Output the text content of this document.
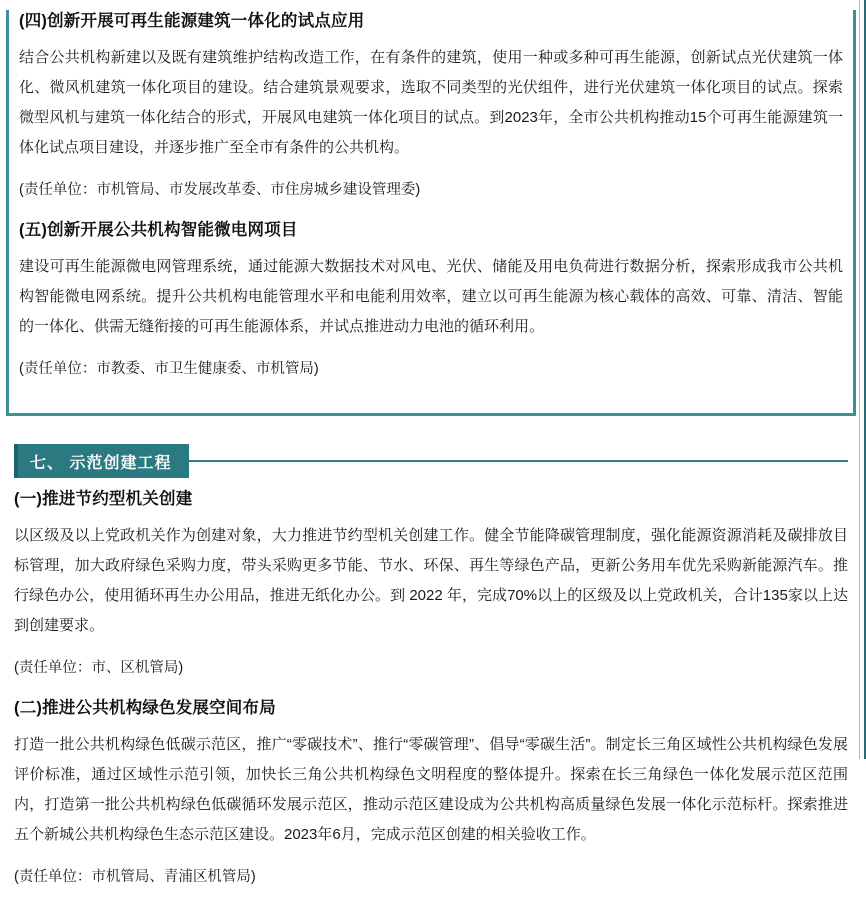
(四)创新开展可再生能源建筑一体化的试点应用

结合公共机构新建以及既有建筑维护结构改造工作，在有条件的建筑，使用一种或多种可再生能源，创新试点光伏建筑一体化、微风机建筑一体化项目的建设。结合建筑景观要求，选取不同类型的光伏组件，进行光伏建筑一体化项目的试点。探索微型风机与建筑一体化结合的形式，开展风电建筑一体化项目的试点。到2023年，全市公共机构推动15个可再生能源建筑一体化试点项目建设，并逐步推广至全市有条件的公共机构。

(责任单位：市机管局、市发展改革委、市住房城乡建设管理委)

(五)创新开展公共机构智能微电网项目

建设可再生能源微电网管理系统，通过能源大数据技术对风电、光伏、储能及用电负荷进行数据分析，探索形成我市公共机构智能微电网系统。提升公共机构电能管理水平和电能利用效率，建立以可再生能源为核心载体的高效、可靠、清洁、智能的一体化、供需无缝衔接的可再生能源体系，并试点推进动力电池的循环利用。

(责任单位：市教委、市卫生健康委、市机管局)

七、 示范创建工程
(一)推进节约型机关创建

以区级及以上党政机关作为创建对象，大力推进节约型机关创建工作。健全节能降碳管理制度，强化能源资源消耗及碳排放目标管理，加大政府绿色采购力度，带头采购更多节能、节水、环保、再生等绿色产品，更新公务用车优先采购新能源汽车。推行绿色办公，使用循环再生办公用品，推进无纸化办公。到 2022 年，完成70%以上的区级及以上党政机关，合计135家以上达到创建要求。

(责任单位：市、区机管局)

(二)推进公共机构绿色发展空间布局

打造一批公共机构绿色低碳示范区，推广“零碳技术”、推行“零碳管理”、倡导“零碳生活”。制定长三角区域性公共机构绿色发展评价标准，通过区域性示范引领，加快长三角公共机构绿色文明程度的整体提升。探索在长三角绿色一体化发展示范区范围内，打造第一批公共机构绿色低碳循环发展示范区，推动示范区建设成为公共机构高质量绿色发展一体化示范标杆。探索推进五个新城公共机构绿色生态示范区建设。2023年6月，完成示范区创建的相关验收工作。

(责任单位：市机管局、青浦区机管局)
